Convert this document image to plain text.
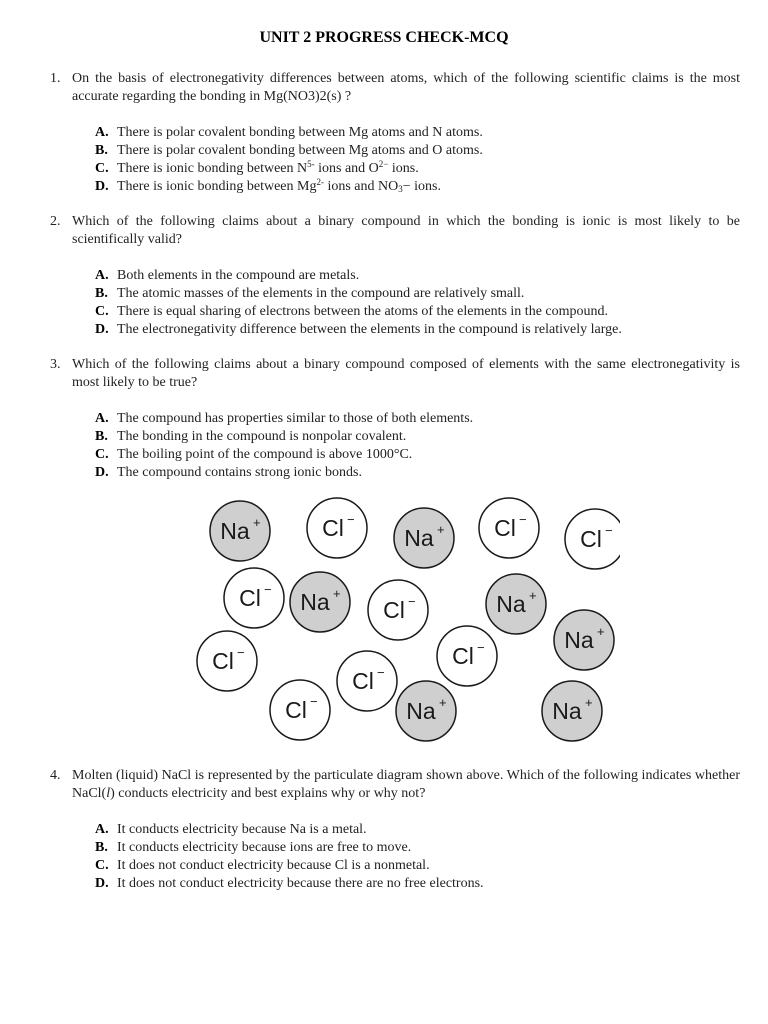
UNIT 2 PROGRESS CHECK-MCQ
1. On the basis of electronegativity differences between atoms, which of the following scientific claims is the most accurate regarding the bonding in Mg(NO3)2(s) ?
A. There is polar covalent bonding between Mg atoms and N atoms.
B. There is polar covalent bonding between Mg atoms and O atoms.
C. There is ionic bonding between $N^{5-}$ ions and $O^{2-}$ ions.
D. There is ionic bonding between $Mg^{2-}$ ions and $NO_3-$ ions.
2. Which of the following claims about a binary compound in which the bonding is ionic is most likely to be scientifically valid?
A. Both elements in the compound are metals.
B. The atomic masses of the elements in the compound are relatively small.
C. There is equal sharing of electrons between the atoms of the elements in the compound.
D. The electronegativity difference between the elements in the compound is relatively large.
3. Which of the following claims about a binary compound composed of elements with the same electronegativity is most likely to be true?
A. The compound has properties similar to those of both elements.
B. The bonding in the compound is nonpolar covalent.
C. The boiling point of the compound is above 1000°C.
D. The compound contains strong ionic bonds.
Na +	Cl −
Na + Cl −
Cl −
Cl − Na +
Cl −	Na +
Cl −	Na +
Cl −
Cl −
Cl −	Na +	Na +
4. Molten (liquid) NaCl is represented by the particulate diagram shown above. Which of the following indicates whether NaCl(l) conducts electricity and best explains why or why not?
A. It conducts electricity because Na is a metal.
B. It conducts electricity because ions are free to move.
C. It does not conduct electricity because Cl is a nonmetal.
D. It does not conduct electricity because there are no free electrons.
